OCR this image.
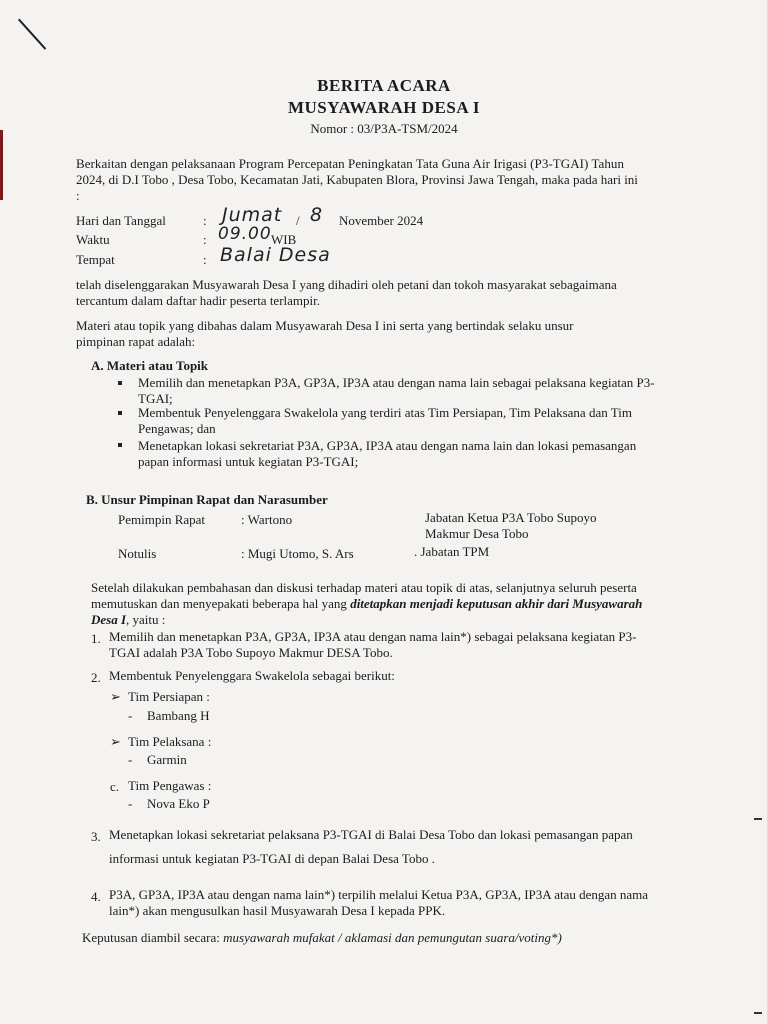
BERITA ACARA
MUSYAWARAH DESA I
Nomor : 03/P3A-TSM/2024
Berkaitan dengan pelaksanaan Program Percepatan Peningkatan Tata Guna Air Irigasi (P3-TGAI) Tahun
2024, di D.I Tobo , Desa Tobo, Kecamatan Jati, Kabupaten Blora, Provinsi Jawa Tengah, maka pada hari ini
:
Hari dan Tanggal	: Jumat / 8 November 2024
Waktu	: 09.00 WIB
Tempat	: Balai Desa
telah diselenggarakan Musyawarah Desa I yang dihadiri oleh petani dan tokoh masyarakat sebagaimana
tercantum dalam daftar hadir peserta terlampir.
Materi atau topik yang dibahas dalam Musyawarah Desa I ini serta yang bertindak selaku unsur
pimpinan rapat adalah:
A. Materi atau Topik
Memilih dan menetapkan P3A, GP3A, IP3A atau dengan nama lain sebagai pelaksana kegiatan P3-
TGAI;
Membentuk Penyelenggara Swakelola yang terdiri atas Tim Persiapan, Tim Pelaksana dan Tim
Pengawas; dan
Menetapkan lokasi sekretariat P3A, GP3A, IP3A atau dengan nama lain dan lokasi pemasangan
papan informasi untuk kegiatan P3-TGAI;
B. Unsur Pimpinan Rapat dan Narasumber
Pemimpin Rapat	: Wartono	Jabatan Ketua P3A Tobo Supoyo
Makmur Desa Tobo
Notulis	: Mugi Utomo, S. Ars	. Jabatan TPM
Setelah dilakukan pembahasan dan diskusi terhadap materi atau topik di atas, selanjutnya seluruh peserta
memutuskan dan menyepakati beberapa hal yang ditetapkan menjadi keputusan akhir dari Musyawarah
Desa I, yaitu :
1. Memilih dan menetapkan P3A, GP3A, IP3A atau dengan nama lain*) sebagai pelaksana kegiatan P3-
TGAI adalah P3A Tobo Supoyo Makmur DESA Tobo.
2. Membentuk Penyelenggara Swakelola sebagai berikut:
➢ Tim Persiapan :
- Bambang H
➢ Tim Pelaksana :
- Garmin
c. Tim Pengawas :
- Nova Eko P
3. Menetapkan lokasi sekretariat pelaksana P3-TGAI di Balai Desa Tobo dan lokasi pemasangan papan
informasi untuk kegiatan P3-TGAI di depan Balai Desa Tobo .
4. P3A, GP3A, IP3A atau dengan nama lain*) terpilih melalui Ketua P3A, GP3A, IP3A atau dengan nama
lain*) akan mengusulkan hasil Musyawarah Desa I kepada PPK.
Keputusan diambil secara: musyawarah mufakat / aklamasi dan pemungutan suara/voting*)
